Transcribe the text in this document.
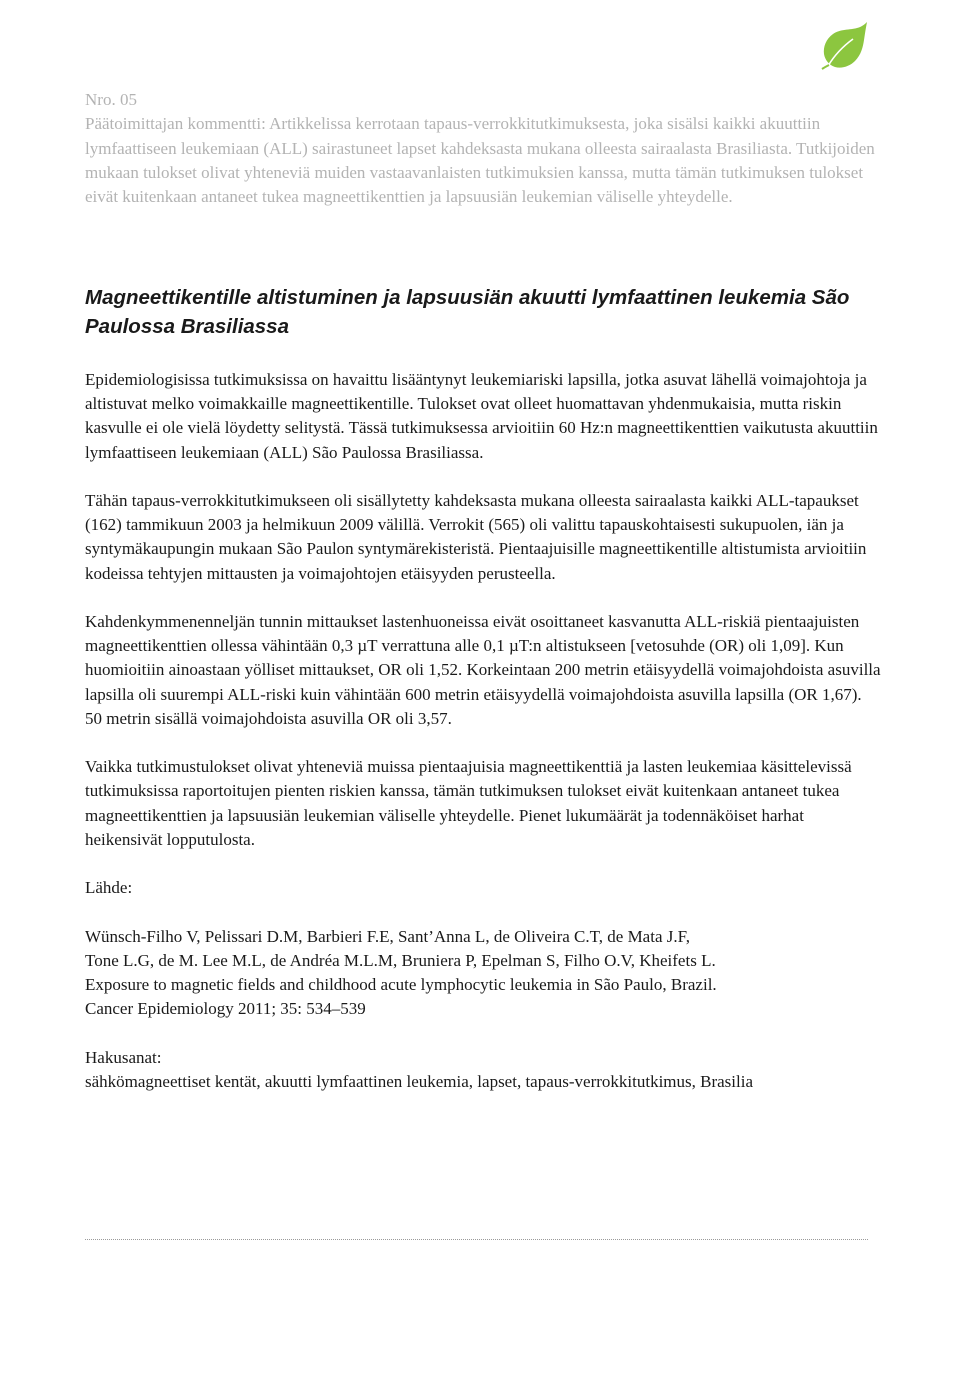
Nro. 05
Päätoimittajan kommentti: Artikkelissa kerrotaan tapaus-verrokkitutkimuksesta, joka sisälsi kaikki akuuttiin lymfaattiseen leukemiaan (ALL) sairastuneet lapset kahdeksasta mukana olleesta sairaalasta Brasiliasta. Tutkijoiden mukaan tulokset olivat yhteneviä muiden vastaavanlaisten tutkimuksien kanssa, mutta tämän tutkimuksen tulokset eivät kuitenkaan antaneet tukea magneettikenttien ja lapsuusiän leukemian väliselle yhteydelle.
Magneettikentille altistuminen ja lapsuusiän akuutti lymfaattinen leukemia São Paulossa Brasiliassa

Epidemiologisissa tutkimuksissa on havaittu lisääntynyt leukemiariski lapsilla, jotka asuvat lähellä voimajohtoja ja altistuvat melko voimakkaille magneettikentille. Tulokset ovat olleet huomattavan yhdenmukaisia, mutta riskin kasvulle ei ole vielä löydetty selitystä. Tässä tutkimuksessa arvioitiin 60 Hz:n magneettikenttien vaikutusta akuuttiin lymfaattiseen leukemiaan (ALL) São Paulossa Brasiliassa.

Tähän tapaus-verrokkitutkimukseen oli sisällytetty kahdeksasta mukana olleesta sairaalasta kaikki ALL-tapaukset (162) tammikuun 2003 ja helmikuun 2009 välillä. Verrokit (565) oli valittu tapauskohtaisesti sukupuolen, iän ja syntymäkaupungin mukaan São Paulon syntymärekisteristä. Pientaajuisille magneettikentille altistumista arvioitiin kodeissa tehtyjen mittausten ja voimajohtojen etäisyyden perusteella.

Kahdenkymmenenneljän tunnin mittaukset lastenhuoneissa eivät osoittaneet kasvanutta ALL-riskiä pientaajuisten magneettikenttien ollessa vähintään 0,3 µT verrattuna alle 0,1 µT:n altistukseen [vetosuhde (OR) oli 1,09]. Kun huomioitiin ainoastaan yölliset mittaukset, OR oli 1,52. Korkeintaan 200 metrin etäisyydellä voimajohdoista asuvilla lapsilla oli suurempi ALL-riski kuin vähintään 600 metrin etäisyydellä voimajohdoista asuvilla lapsilla (OR 1,67).

50 metrin sisällä voimajohdoista asuvilla OR oli 3,57.

Vaikka tutkimustulokset olivat yhteneviä muissa pientaajuisia magneettikenttiä ja lasten leukemiaa käsittelevissä tutkimuksissa raportoitujen pienten riskien kanssa, tämän tutkimuksen tulokset eivät kuitenkaan antaneet tukea magneettikenttien ja lapsuusiän leukemian väliselle yhteydelle. Pienet lukumäärät ja todennäköiset harhat heikensivät lopputulosta.

Lähde:

Wünsch-Filho V, Pelissari D.M, Barbieri F.E, Sant’Anna L, de Oliveira C.T, de Mata J.F,
Tone L.G, de M. Lee M.L, de Andréa M.L.M, Bruniera P, Epelman S, Filho O.V, Kheifets L.
Exposure to magnetic fields and childhood acute lymphocytic leukemia in São Paulo, Brazil.
Cancer Epidemiology 2011; 35: 534–539

Hakusanat:
sähkömagneettiset kentät, akuutti lymfaattinen leukemia, lapset, tapaus-verrokkitutkimus, Brasilia
